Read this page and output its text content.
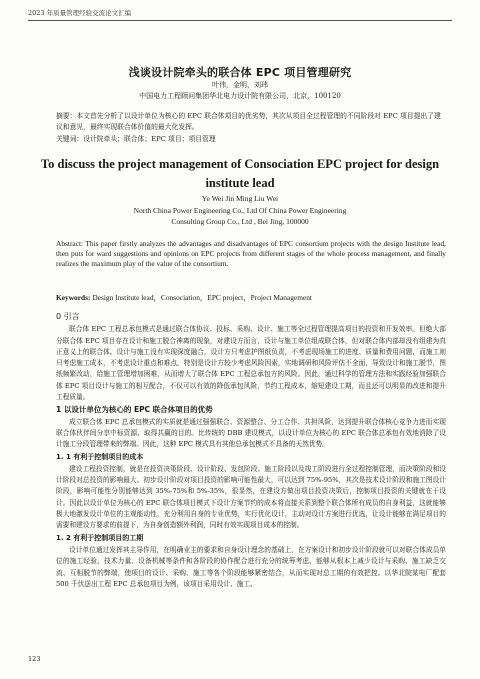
2023 年质量管理经验交流论文汇编
浅谈设计院牵头的联合体 EPC 项目管理研究
叶伟，金明，刘玮
中国电力工程顾问集团华北电力设计院有限公司，北京，100120

摘要：本文首先分析了以设计单位为核心的 EPC 联合体项目的优劣势，其次从项目全过程管理的不同阶段对 EPC 项目提出了建议和意见，最终实现联合体价值的最大化发挥。

关键词：设计院牵头；联合体；EPC 项目；项目管理
To discuss the project management of Consociation EPC project for design institute lead
Ye Wei Jin Ming Liu Wei
North China Power Engineering Co., Ltd Of China Power Engineering
Consulting Group Co., Ltd , Bei Jing, 100000

Abstract: This paper firstly analyzes the advantages and disadvantages of EPC consortium projects with the design Institute lead, then puts for ward suggestions and opinions on EPC projects from different stages of the whole process management, and finally realizes the maximum play of the value of the consortium.

Keywords: Design Institute lead，Consociation，EPC project，Project Management
0 引言

联合体 EPC 工程总承包模式是通过联合体协议、投标、采购、设计、施工等全过程管理提高项目的投资和开发效率。但绝大部分联合体 EPC 项目存在设计和施工脱合神离的现象，对建设方而言，设计与施工单位组成联合体，但对联合体内部却没有组建为真正意义上的联合体。设计与施工没有实现深度融合，设计方只考虑护图纸负责，不考虑现场施工的进度、质量和费用问题，而施工则只考虑施工成本，不考虑设计重点和难点，特别是设计方较少考虑风险因素，实地调研和风险评估不全面，导致设计和施工脱节，图纸频繁改动，给施工管理增加困难，从而增大了联合体 EPC 工程总承包方的风险。因此，通过科学的管理方法和实践经验加强联合体 EPC 项目设计与施工的相互配合，不仅可以有效的降低承包风险，节约工程成本，缩短建设工期，而且还可以明显的改进和提升工程质量。

1 以设计单位为核心的 EPC 联合体项目的优势

成立联合体 EPC 总承包模式的实质就是通过强强联合、资源整合、分工合作、共担风险，达到提升联合体核心竞争力进而实现联合体伙伴间分享中标资源、取得共赢的目的。比传统的 DBB 建设模式，以设计单位为核心的 EPC 联合体总承包有效地消除了设计施工分段管理带来的弊端。因此，这种 EPC 模式具有其他总承包模式不具备的天然优势。

1. 1 有利于控制项目的成本

建设工程投资控制，就是在投资决策阶段、设计阶段、发包阶段、施工阶段以及竣工阶段进行全过程控制管理，而决策阶段和设计阶段对总投资的影响最大。初步设计阶段对项目投资的影响可能性最大，可以达到 75%-95%，其次是技术设计阶段和施工图设计阶段，影响可能性分别能够达到 35%-75%和 5%-35%，很显然，在建设方做出项目投资决策后，控制项目投资的关键就在于设计。因此以设计单位为核心的 EPC 联合体项目模式下设计方案节约的成本将直接关系到整个联合体所有成员的自身利益，这就能够极大地激发设计单位的主观能动性，充分利用自身的专业优势，实行优化设计，主动对设计方案进行优选，让设计能够在满足项目的需要和建设方要求的前提下，为自身创造额外利润，同时有效实现项目成本的控制。

1. 2 有利于控制项目的工期

设计单位通过发挥其主导作用，在明确业主的要求和自身设计理念的基础上，在方案设计和初步设计阶段就可以对联合体成员单位的施工经验、技术力量、设备机械等条件和各阶段的协作配合进行充分的统筹考虑，能够从根本上减少设计与采购、施工缺乏交流、互相脱节的弊端，使项目的设计、采购、施工等各个阶段能够紧密结合，从而实现对总工期的有效把控。以华北院某电厂配套 500 千伏送出工程 EPC 总承包项目为例，该项目采用设计、施工、

123
